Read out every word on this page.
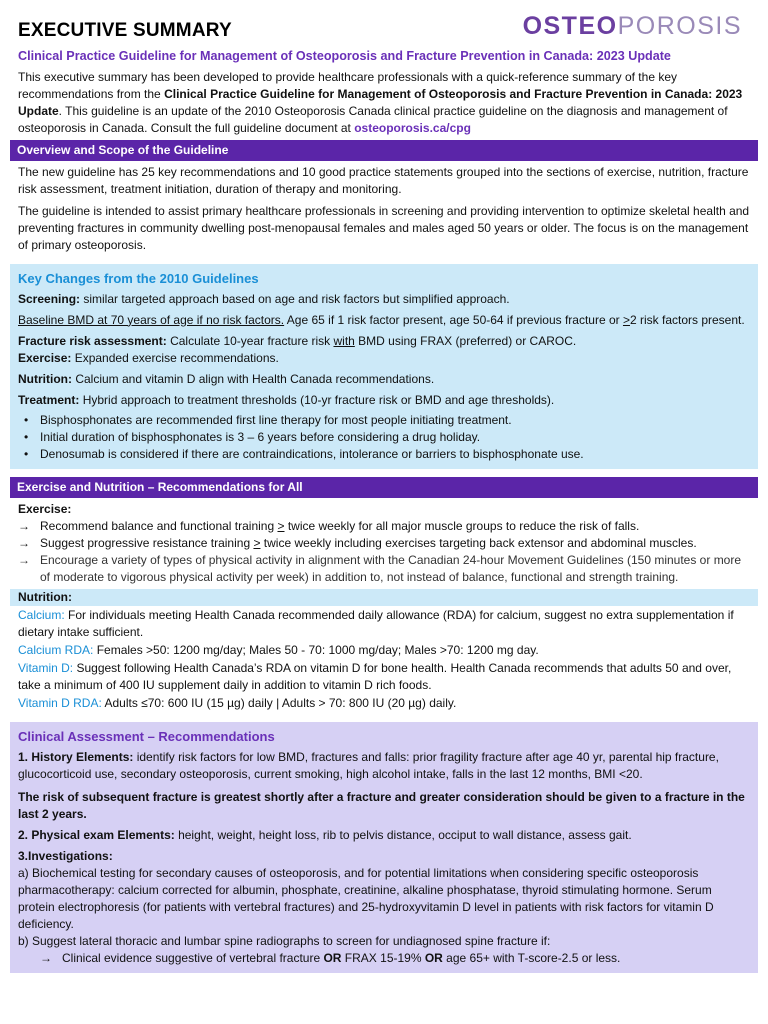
EXECUTIVE SUMMARY	OSTEO POROSIS
Clinical Practice Guideline for Management of Osteoporosis and Fracture Prevention in Canada: 2023 Update
This executive summary has been developed to provide healthcare professionals with a quick-reference summary of the key recommendations from the Clinical Practice Guideline for Management of Osteoporosis and Fracture Prevention in Canada: 2023 Update. This guideline is an update of the 2010 Osteoporosis Canada clinical practice guideline on the diagnosis and management of osteoporosis in Canada. Consult the full guideline document at osteoporosis.ca/cpg
Overview and Scope of the Guideline
The new guideline has 25 key recommendations and 10 good practice statements grouped into the sections of exercise, nutrition, fracture risk assessment, treatment initiation, duration of therapy and monitoring.
The guideline is intended to assist primary healthcare professionals in screening and providing intervention to optimize skeletal health and preventing fractures in community dwelling post-menopausal females and males aged 50 years or older. The focus is on the management of primary osteoporosis.
Key Changes from the 2010 Guidelines

Screening: similar targeted approach based on age and risk factors but simplified approach.

Baseline BMD at 70 years of age if no risk factors. Age 65 if 1 risk factor present, age 50-64 if previous fracture or >2 risk factors present.

Fracture risk assessment: Calculate 10-year fracture risk with BMD using FRAX (preferred) or CAROC.
Exercise: Expanded exercise recommendations.

Nutrition: Calcium and vitamin D align with Health Canada recommendations.

Treatment: Hybrid approach to treatment thresholds (10-yr fracture risk or BMD and age thresholds).

• Bisphosphonates are recommended first line therapy for most people initiating treatment.
• Initial duration of bisphosphonates is 3 – 6 years before considering a drug holiday.
• Denosumab is considered if there are contraindications, intolerance or barriers to bisphosphonate use.
Exercise and Nutrition – Recommendations for All
Exercise:
→ Recommend balance and functional training > twice weekly for all major muscle groups to reduce the risk of falls.
→ Suggest progressive resistance training > twice weekly including exercises targeting back extensor and abdominal muscles.
→ Encourage a variety of types of physical activity in alignment with the Canadian 24-hour Movement Guidelines (150 minutes or more of moderate to vigorous physical activity per week) in addition to, not instead of balance, functional and strength training.
Nutrition:
Calcium: For individuals meeting Health Canada recommended daily allowance (RDA) for calcium, suggest no extra supplementation if dietary intake sufficient.
Calcium RDA: Females >50: 1200 mg/day; Males 50 - 70: 1000 mg/day; Males >70: 1200 mg day.
Vitamin D: Suggest following Health Canada’s RDA on vitamin D for bone health. Health Canada recommends that adults 50 and over, take a minimum of 400 IU supplement daily in addition to vitamin D rich foods.
Vitamin D RDA: Adults ≤70: 600 IU (15 µg) daily | Adults > 70: 800 IU (20 µg) daily.
Clinical Assessment – Recommendations

1. History Elements: identify risk factors for low BMD, fractures and falls: prior fragility fracture after age 40 yr, parental hip fracture, glucocorticoid use, secondary osteoporosis, current smoking, high alcohol intake, falls in the last 12 months, BMI <20.

The risk of subsequent fracture is greatest shortly after a fracture and greater consideration should be given to a fracture in the last 2 years.

2. Physical exam Elements: height, weight, height loss, rib to pelvis distance, occiput to wall distance, assess gait.

3.Investigations:
a) Biochemical testing for secondary causes of osteoporosis, and for potential limitations when considering specific osteoporosis pharmacotherapy: calcium corrected for albumin, phosphate, creatinine, alkaline phosphatase, thyroid stimulating hormone. Serum protein electrophoresis (for patients with vertebral fractures) and 25-hydroxyvitamin D level in patients with risk factors for vitamin D deficiency.
b) Suggest lateral thoracic and lumbar spine radiographs to screen for undiagnosed spine fracture if:

→ Clinical evidence suggestive of vertebral fracture OR FRAX 15-19% OR age 65+ with T-score-2.5 or less.
